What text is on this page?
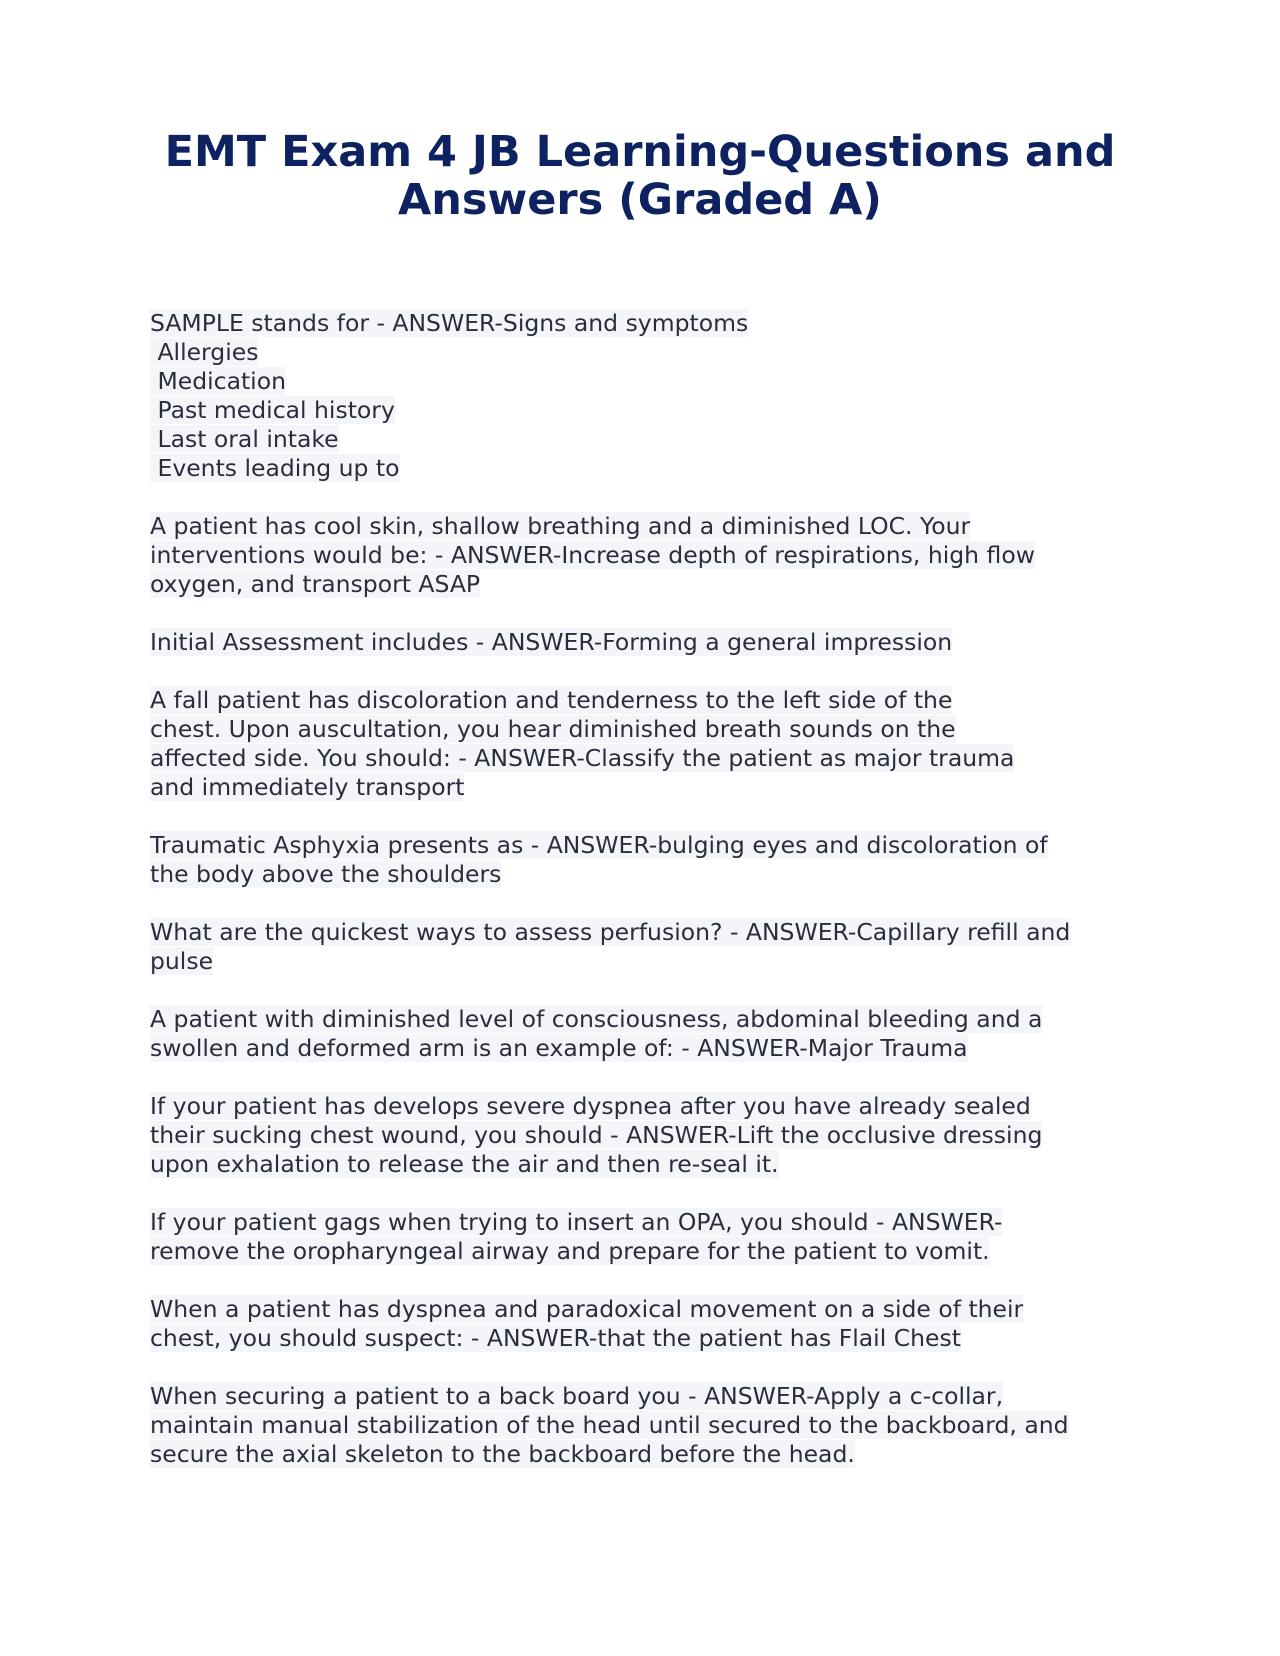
EMT Exam 4 JB Learning-Questions and
Answers (Graded A)
SAMPLE stands for - ANSWER-Signs and symptoms
Allergies
Medication
Past medical history
Last oral intake
Events leading up to
A patient has cool skin, shallow breathing and a diminished LOC. Your
interventions would be: - ANSWER-Increase depth of respirations, high flow
oxygen, and transport ASAP
Initial Assessment includes - ANSWER-Forming a general impression
A fall patient has discoloration and tenderness to the left side of the
chest. Upon auscultation, you hear diminished breath sounds on the
affected side. You should: - ANSWER-Classify the patient as major trauma
and immediately transport
Traumatic Asphyxia presents as - ANSWER-bulging eyes and discoloration of
the body above the shoulders
What are the quickest ways to assess perfusion? - ANSWER-Capillary refill and
pulse
A patient with diminished level of consciousness, abdominal bleeding and a
swollen and deformed arm is an example of: - ANSWER-Major Trauma
If your patient has develops severe dyspnea after you have already sealed
their sucking chest wound, you should - ANSWER-Lift the occlusive dressing
upon exhalation to release the air and then re-seal it.
If your patient gags when trying to insert an OPA, you should - ANSWER-
remove the oropharyngeal airway and prepare for the patient to vomit.
When a patient has dyspnea and paradoxical movement on a side of their
chest, you should suspect: - ANSWER-that the patient has Flail Chest
When securing a patient to a back board you - ANSWER-Apply a c-collar,
maintain manual stabilization of the head until secured to the backboard, and
secure the axial skeleton to the backboard before the head.
